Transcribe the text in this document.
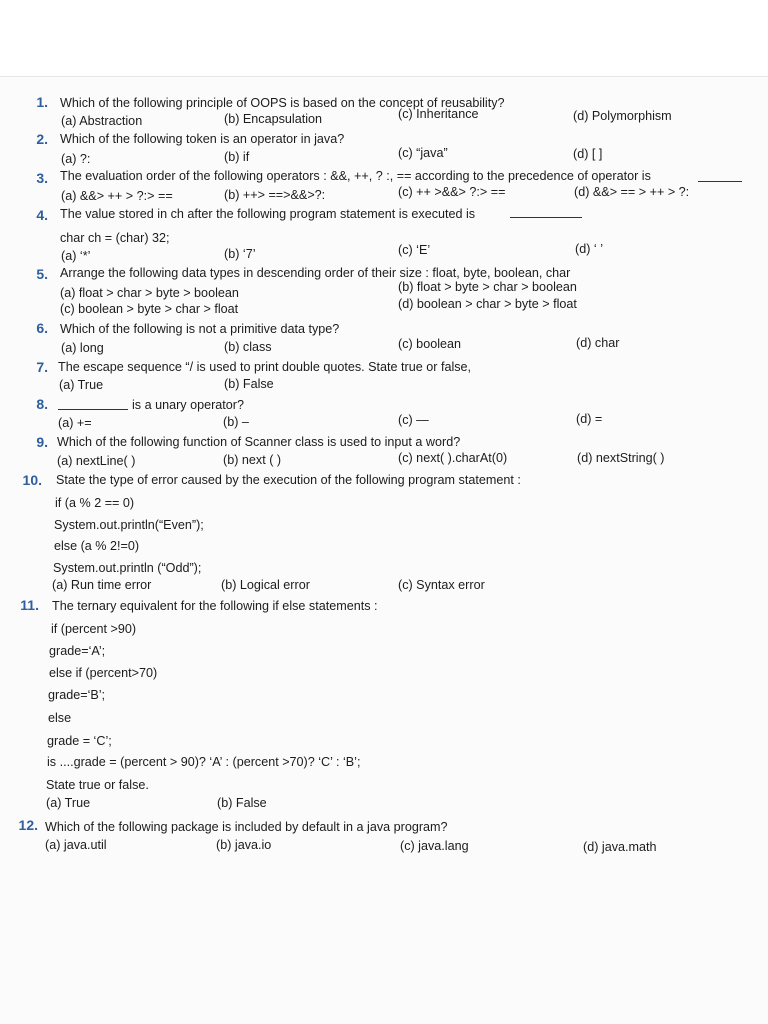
1. Which of the following principle of OOPS is based on the concept of reusability?
(a) Abstraction	(b) Encapsulation	(c) Inheritance	(d) Polymorphism
2. Which of the following token is an operator in java?
(a) ?:	(b) if	(c) “java”	(d) [ ]
3. The evaluation order of the following operators : &&, ++, ? :, == according to the precedence of operator is
(a) &&> ++ > ?:> ==	(b) ++> ==>&&>?:	(c) ++ >&&> ?:> ==	(d) &&> == > ++ > ?:
4. The value stored in ch after the following program statement is executed is
char ch = (char) 32;
(a) ‘*’	(b) ‘7’	(c) ‘E’	(d) ‘ ’
5. Arrange the following data types in descending order of their size : float, byte, boolean, char
(a) float > char > byte > boolean	(b) float > byte > char > boolean
(c) boolean > byte > char > float	(d) boolean > char > byte > float
6. Which of the following is not a primitive data type?
(a) long	(b) class	(c) boolean	(d) char
7. The escape sequence “/ is used to print double quotes. State true or false,
(a) True	(b) False
8.	is a unary operator?
(a) +=	(b) –	(c) —	(d) =
9. Which of the following function of Scanner class is used to input a word?
(a) nextLine( )	(b) next ( )	(c) next( ).charAt(0)	(d) nextString( )
10. State the type of error caused by the execution of the following program statement :
if (a % 2 == 0)
System.out.println(“Even”);
else (a % 2!=0)
System.out.println (“Odd”);
(a) Run time error	(b) Logical error	(c) Syntax error
11. The ternary equivalent for the following if else statements :
if (percent >90)
grade=‘A’;
else if (percent>70)
grade=‘B’;
else
grade = ‘C’;
is ....grade = (percent > 90)? ‘A’ : (percent >70)? ‘C’ : ‘B’;
State true or false.
(a) True	(b) False
12. Which of the following package is included by default in a java program?
(a) java.util	(b) java.io	(c) java.lang	(d) java.math
